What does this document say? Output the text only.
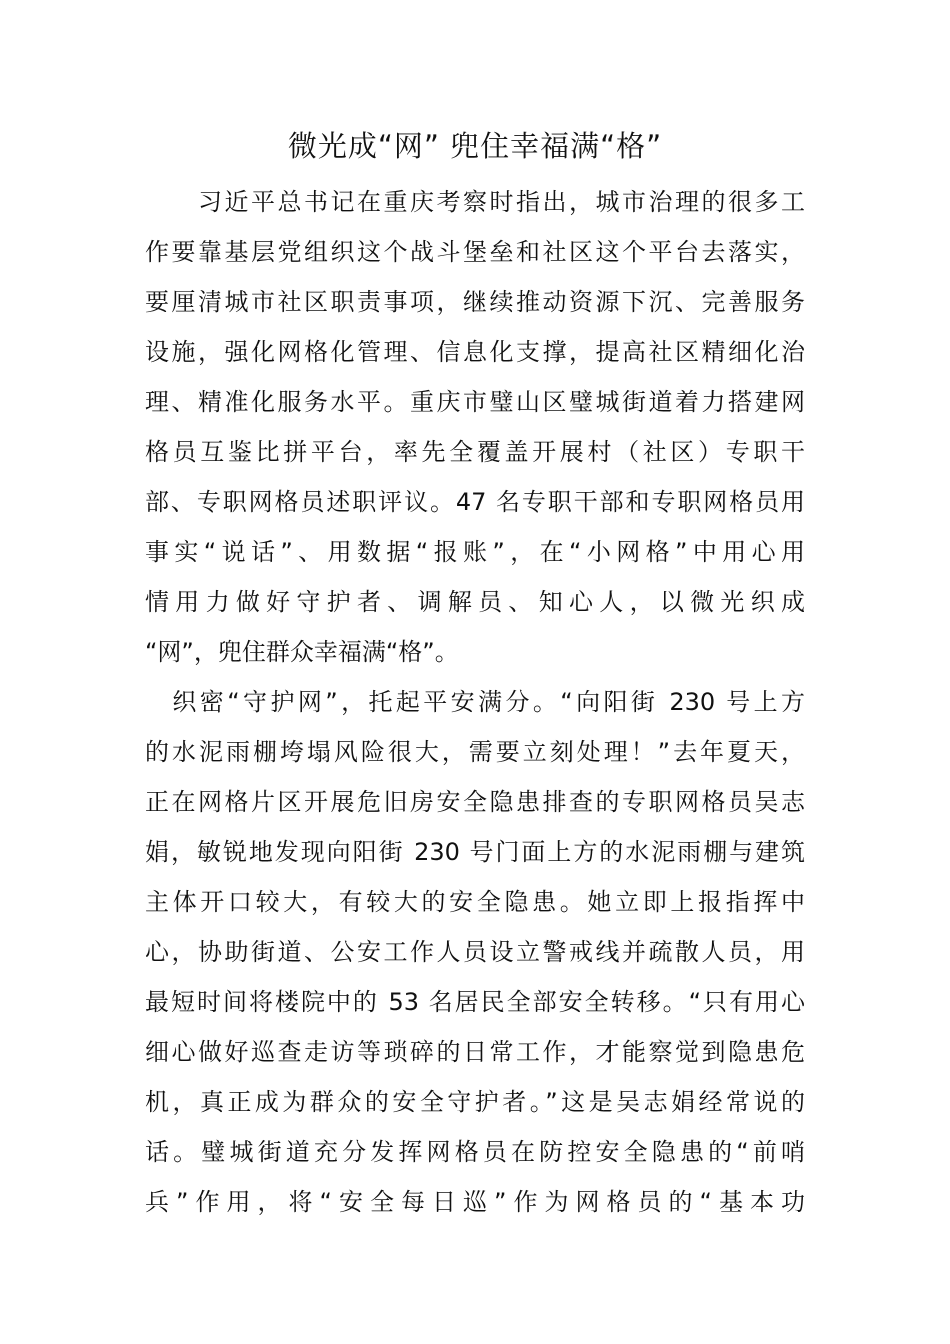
微光成“网” 兜住幸福满“格”
　　习近平总书记在重庆考察时指出，城市治理的很多工
作要靠基层党组织这个战斗堡垒和社区这个平台去落实，
要厘清城市社区职责事项，继续推动资源下沉、完善服务
设施，强化网格化管理、信息化支撑，提高社区精细化治
理、精准化服务水平。重庆市璧山区璧城街道着力搭建网
格员互鉴比拼平台，率先全覆盖开展村（社区）专职干
部、专职网格员述职评议。47 名专职干部和专职网格员用
事实“说话”、用数据“报账”，在“小网格”中用心用
情用力做好守护者、调解员、知心人，以微光织成
“网”，兜住群众幸福满“格”。
　织密“守护网”，托起平安满分。“向阳街 230 号上方
的水泥雨棚垮塌风险很大，需要立刻处理！”去年夏天，
正在网格片区开展危旧房安全隐患排查的专职网格员吴志
娟，敏锐地发现向阳街 230 号门面上方的水泥雨棚与建筑
主体开口较大，有较大的安全隐患。她立即上报指挥中
心，协助街道、公安工作人员设立警戒线并疏散人员，用
最短时间将楼院中的 53 名居民全部安全转移。“只有用心
细心做好巡查走访等琐碎的日常工作，才能察觉到隐患危
机，真正成为群众的安全守护者。”这是吴志娟经常说的
话。璧城街道充分发挥网格员在防控安全隐患的“前哨
兵”作用，将“安全每日巡”作为网格员的“基本功
